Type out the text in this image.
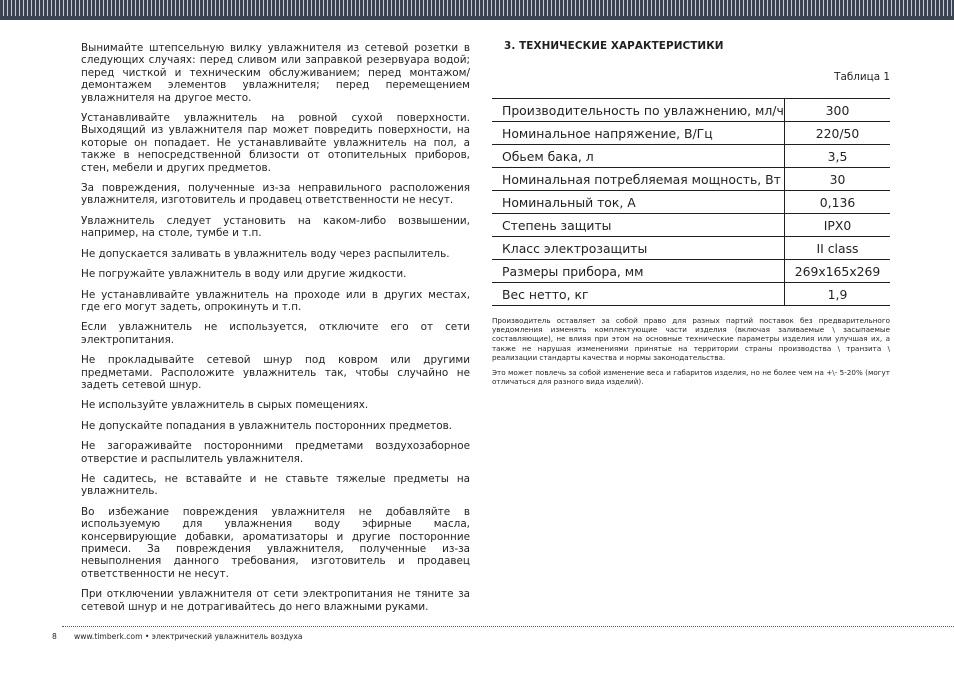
Вынимайте штепсельную вилку увлажнителя из сетевой розетки в следующих случаях: перед сливом или заправкой резервуара водой; перед чисткой и техническим обслуживанием; перед монтажом/демонтажем элементов увлажнителя; перед перемещением увлажнителя на другое место.

Устанавливайте увлажнитель на ровной сухой поверхности. Выходящий из увлажнителя пар может повредить поверхности, на которые он попадает. Не устанавливайте увлажнитель на пол, а также в непосредственной близости от отопительных приборов, стен, мебели и других предметов.

За повреждения, полученные из-за неправильного расположения увлажнителя, изготовитель и продавец ответственности не несут.

Увлажнитель следует установить на каком-либо возвышении, например, на столе, тумбе и т.п.

Не допускается заливать в увлажнитель воду через распылитель.

Не погружайте увлажнитель в воду или другие жидкости.

Не устанавливайте увлажнитель на проходе или в других местах, где его могут задеть, опрокинуть и т.п.

Если увлажнитель не используется, отключите его от сети электропитания.

Не прокладывайте сетевой шнур под ковром или другими предметами. Расположите увлажнитель так, чтобы случайно не задеть сетевой шнур.

Не используйте увлажнитель в сырых помещениях.

Не допускайте попадания в увлажнитель посторонних предметов.

Не загораживайте посторонними предметами воздухозаборное отверстие и распылитель увлажнителя.

Не садитесь, не вставайте и не ставьте тяжелые предметы на увлажнитель.

Во избежание повреждения увлажнителя не добавляйте в используемую для увлажнения воду эфирные масла, консервирующие добавки, ароматизаторы и другие посторонние примеси. За повреждения увлажнителя, полученные из-за невыполнения данного требования, изготовитель и продавец ответственности не несут.

При отключении увлажнителя от сети электропитания не тяните за сетевой шнур и не дотрагивайтесь до него влажными руками.

3. ТЕХНИЧЕСКИЕ ХАРАКТЕРИСТИКИ
Таблица 1
Производительность по увлажнению, мл/ч	300
Номинальное напряжение, В/Гц	220/50
Обьем бака, л	3,5
Номинальная потребляемая мощность, Вт	30
Номинальный ток, А	0,136
Степень защиты	IPX0
Класс электрозащиты	II class
Размеры прибора, мм	269x165x269
Вес нетто, кг	1,9

Производитель оставляет за собой право для разных партий поставок без предварительного уведомления изменять комплектующие части изделия (включая заливаемые \ засыпаемые составляющие), не влияя при этом на основные технические параметры изделия или улучшая их, а также не нарушая изменениями принятые на территории страны производства \ транзита \ реализации стандарты качества и нормы законодательства.

Это может повлечь за собой изменение веса и габаритов изделия, но не более чем на +\- 5-20% (могут отличаться для разного вида изделий).

8 www.timberk.com • электрический увлажнитель воздуха
